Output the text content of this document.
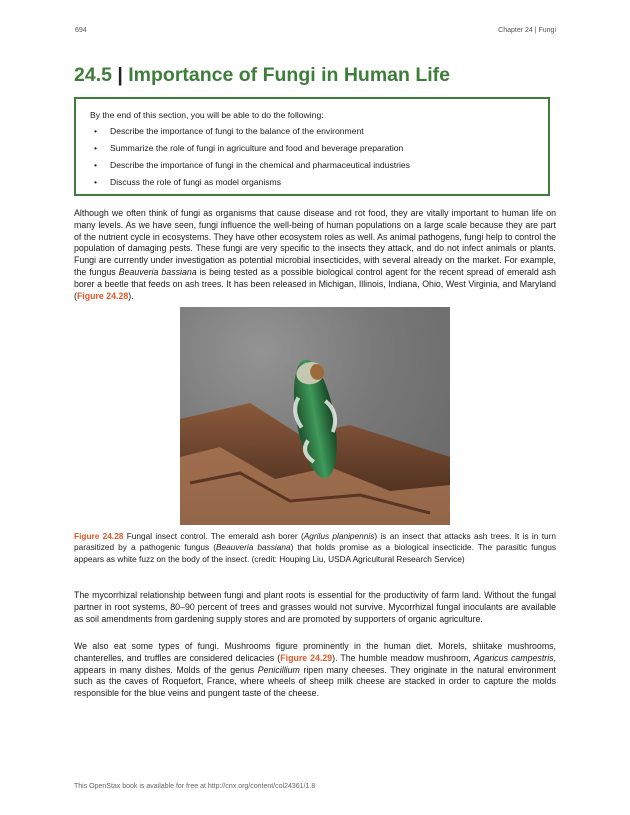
694	Chapter 24 | Fungi
24.5 | Importance of Fungi in Human Life

By the end of this section, you will be able to do the following:

• Describe the importance of fungi to the balance of the environment
• Summarize the role of fungi in agriculture and food and beverage preparation
• Describe the importance of fungi in the chemical and pharmaceutical industries
• Discuss the role of fungi as model organisms

Although we often think of fungi as organisms that cause disease and rot food, they are vitally important to human life on many levels. As we have seen, fungi influence the well-being of human populations on a large scale because they are part of the nutrient cycle in ecosystems. They have other ecosystem roles as well. As animal pathogens, fungi help to control the population of damaging pests. These fungi are very specific to the insects they attack, and do not infect animals or plants. Fungi are currently under investigation as potential microbial insecticides, with several already on the market. For example, the fungus Beauveria bassiana is being tested as a possible biological control agent for the recent spread of emerald ash borer a beetle that feeds on ash trees. It has been released in Michigan, Illinois, Indiana, Ohio, West Virginia, and Maryland (Figure 24.28).

Figure 24.28 Fungal insect control. The emerald ash borer (Agrilus planipennis) is an insect that attacks ash trees. It is in turn parasitized by a pathogenic fungus (Beauveria bassiana) that holds promise as a biological insecticide. The parasitic fungus appears as white fuzz on the body of the insect. (credit: Houping Liu, USDA Agricultural Research Service)

The mycorrhizal relationship between fungi and plant roots is essential for the productivity of farm land. Without the fungal partner in root systems, 80–90 percent of trees and grasses would not survive. Mycorrhizal fungal inoculants are available as soil amendments from gardening supply stores and are promoted by supporters of organic agriculture.

We also eat some types of fungi. Mushrooms figure prominently in the human diet. Morels, shiitake mushrooms, chanterelles, and truffles are considered delicacies (Figure 24.29). The humble meadow mushroom, Agaricus campestris, appears in many dishes. Molds of the genus Penicillium ripen many cheeses. They originate in the natural environment such as the caves of Roquefort, France, where wheels of sheep milk cheese are stacked in order to capture the molds responsible for the blue veins and pungent taste of the cheese.

This OpenStax book is available for free at http://cnx.org/content/col24361/1.8
